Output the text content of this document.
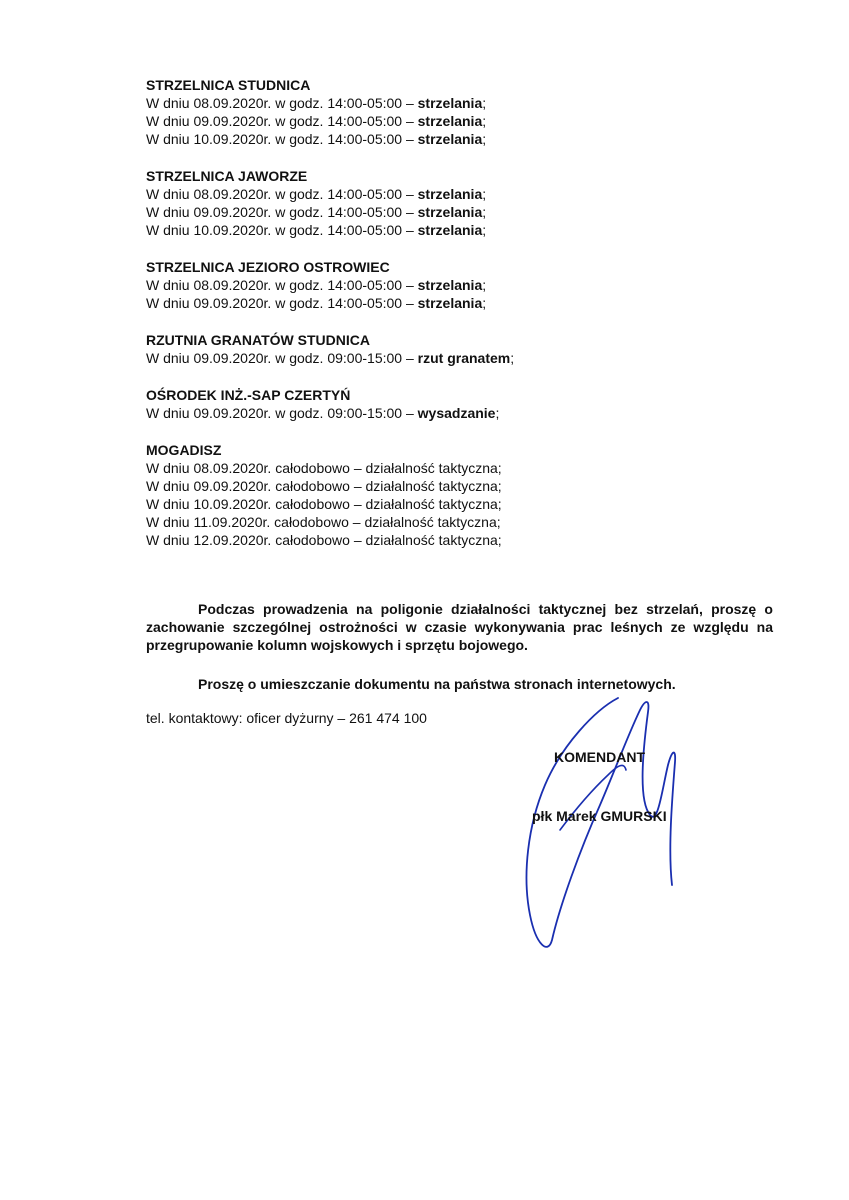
STRZELNICA STUDNICA
W dniu 08.09.2020r. w godz. 14:00-05:00 – strzelania;
W dniu 09.09.2020r. w godz. 14:00-05:00 – strzelania;
W dniu 10.09.2020r. w godz. 14:00-05:00 – strzelania;
STRZELNICA JAWORZE
W dniu 08.09.2020r. w godz. 14:00-05:00 – strzelania;
W dniu 09.09.2020r. w godz. 14:00-05:00 – strzelania;
W dniu 10.09.2020r. w godz. 14:00-05:00 – strzelania;
STRZELNICA JEZIORO OSTROWIEC
W dniu 08.09.2020r. w godz. 14:00-05:00 – strzelania;
W dniu 09.09.2020r. w godz. 14:00-05:00 – strzelania;
RZUTNIA GRANATÓW STUDNICA
W dniu 09.09.2020r. w godz. 09:00-15:00 – rzut granatem;
OŚRODEK INŻ.-SAP CZERTYŃ
W dniu 09.09.2020r. w godz. 09:00-15:00 – wysadzanie;
MOGADISZ
W dniu 08.09.2020r. całodobowo – działalność taktyczna;
W dniu 09.09.2020r. całodobowo – działalność taktyczna;
W dniu 10.09.2020r. całodobowo – działalność taktyczna;
W dniu 11.09.2020r. całodobowo – działalność taktyczna;
W dniu 12.09.2020r. całodobowo – działalność taktyczna;
Podczas prowadzenia na poligonie działalności taktycznej bez strzelań, proszę o zachowanie szczególnej ostrożności w czasie wykonywania prac leśnych ze względu na przegrupowanie kolumn wojskowych i sprzętu bojowego.
Proszę o umieszczanie dokumentu na państwa stronach internetowych.
tel. kontaktowy: oficer dyżurny – 261 474 100
KOMENDANT
płk Marek GMURSKI
